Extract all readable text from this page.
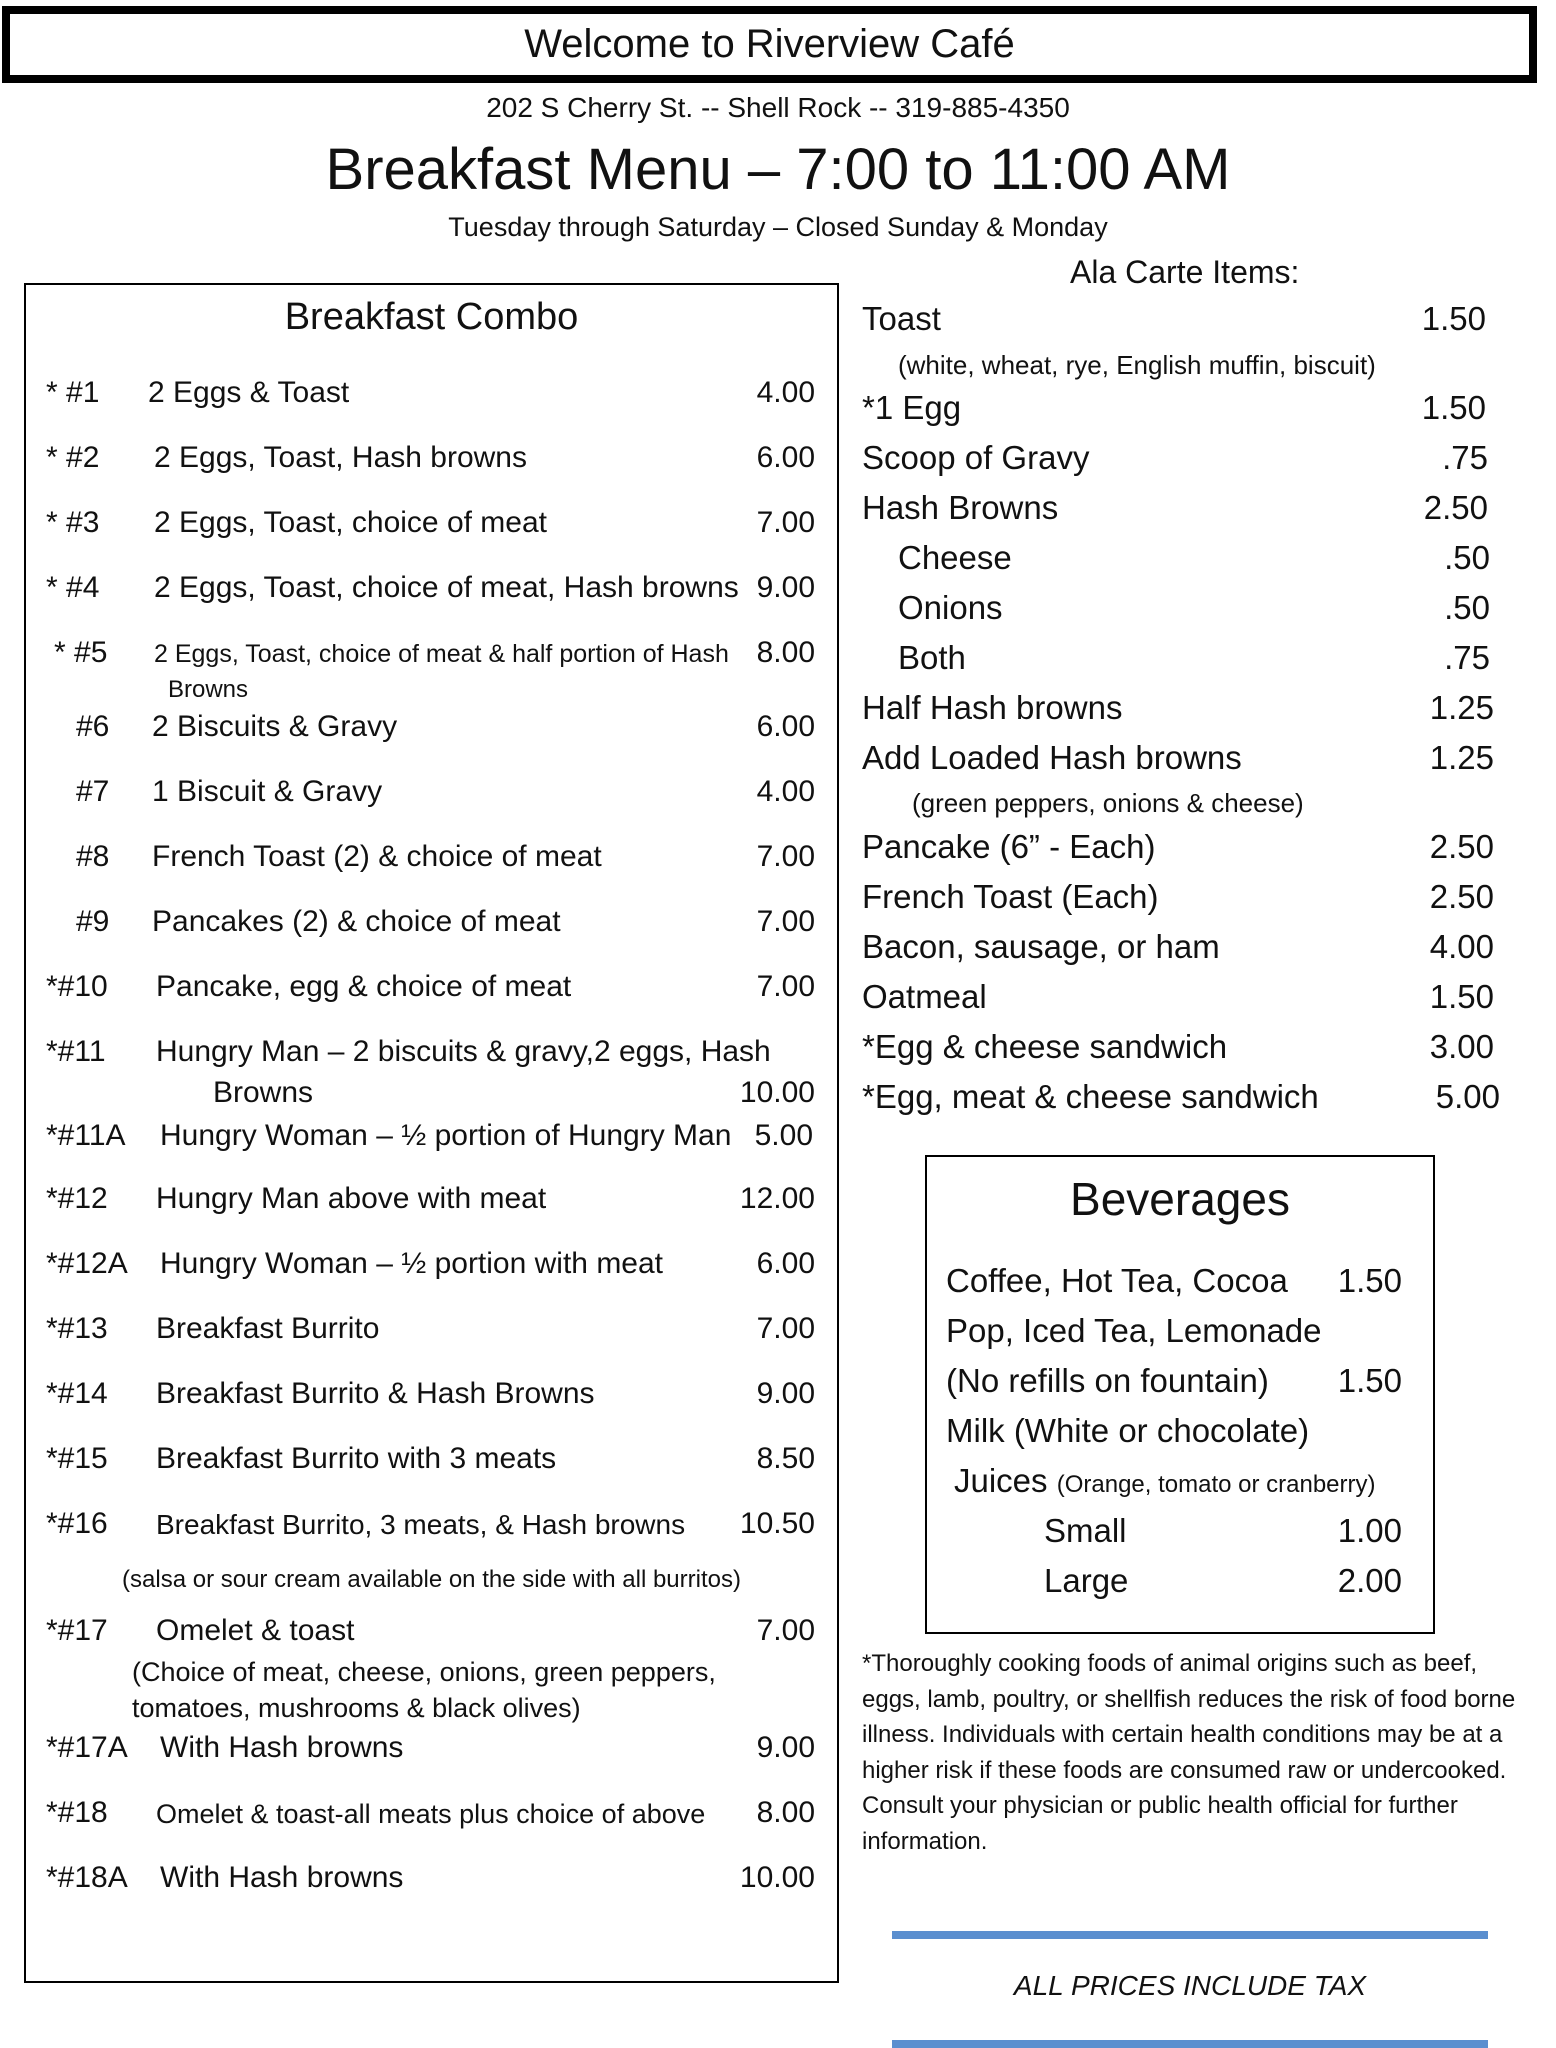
Welcome to Riverview Café
202 S Cherry St. -- Shell Rock -- 319-885-4350
Breakfast Menu – 7:00 to 11:00 AM
Tuesday through Saturday – Closed Sunday & Monday
Breakfast Combo
* #1 2 Eggs & Toast	4.00
* #2 2 Eggs, Toast, Hash browns	6.00
* #3 2 Eggs, Toast, choice of meat	7.00
* #4 2 Eggs, Toast, choice of meat, Hash browns 9.00
* #5 2 Eggs, Toast, choice of meat & half portion of Hash 8.00
Browns
#6 2 Biscuits & Gravy	6.00
#7 1 Biscuit & Gravy	4.00
#8 French Toast (2) & choice of meat	7.00
#9 Pancakes (2) & choice of meat	7.00
*#10 Pancake, egg & choice of meat	7.00
*#11 Hungry Man – 2 biscuits & gravy,2 eggs, Hash
Browns	10.00
*#11A Hungry Woman – ½ portion of Hungry Man 5.00
*#12 Hungry Man above with meat	12.00
*#12A Hungry Woman – ½ portion with meat	6.00
*#13 Breakfast Burrito	7.00
*#14 Breakfast Burrito & Hash Browns	9.00
*#15 Breakfast Burrito with 3 meats	8.50
*#16 Breakfast Burrito, 3 meats, & Hash browns 10.50
(salsa or sour cream available on the side with all burritos)
*#17 Omelet & toast	7.00
(Choice of meat, cheese, onions, green peppers,
tomatoes, mushrooms & black olives)
*#17A With Hash browns	9.00
*#18 Omelet & toast-all meats plus choice of above 8.00
*#18A With Hash browns	10.00
Ala Carte Items:
Toast	1.50
(white, wheat, rye, English muffin, biscuit)
*1 Egg	1.50
Scoop of Gravy	.75
Hash Browns	2.50
Cheese	.50
Onions	.50
Both	.75
Half Hash browns	1.25
Add Loaded Hash browns	1.25
(green peppers, onions & cheese)
Pancake (6” - Each)	2.50
French Toast (Each)	2.50
Bacon, sausage, or ham	4.00
Oatmeal	1.50
*Egg & cheese sandwich	3.00
*Egg, meat & cheese sandwich	5.00
Beverages
Coffee, Hot Tea, Cocoa 1.50
Pop, Iced Tea, Lemonade
(No refills on fountain) 1.50
Milk (White or chocolate)
Juices (Orange, tomato or cranberry)
Small	1.00
Large	2.00
*Thoroughly cooking foods of animal origins such as beef, eggs, lamb, poultry, or shellfish reduces the risk of food borne illness. Individuals with certain health conditions may be at a higher risk if these foods are consumed raw or undercooked. Consult your physician or public health official for further information.
ALL PRICES INCLUDE TAX
